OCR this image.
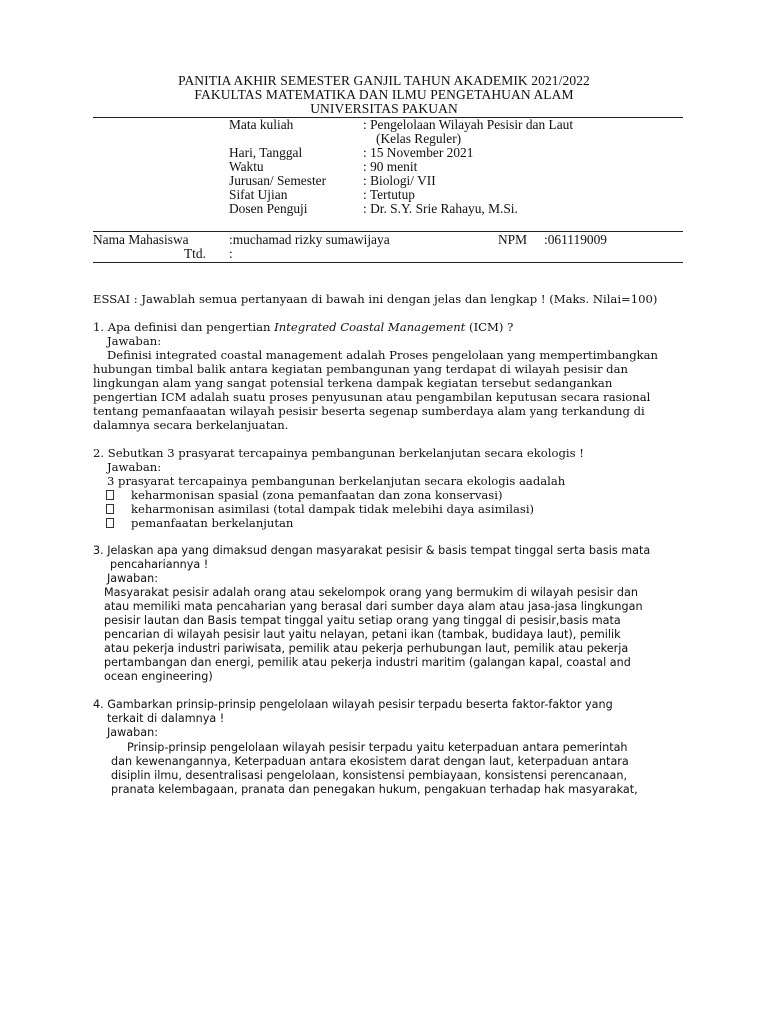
PANITIA AKHIR SEMESTER GANJIL TAHUN AKADEMIK 2021/2022
FAKULTAS MATEMATIKA DAN ILMU PENGETAHUAN ALAM
UNIVERSITAS PAKUAN
Mata kuliah	: Pengelolaan Wilayah Pesisir dan Laut
(Kelas Reguler)
Hari, Tanggal	: 15 November 2021
Waktu	: 90 menit
Jurusan/ Semester	: Biologi/ VII
Sifat Ujian	: Tertutup
Dosen Penguji	: Dr. S.Y. Srie Rahayu, M.Si.
Nama Mahasiswa	:muchamad rizky sumawijaya	NPM :061119009
Ttd. :
ESSAI : Jawablah semua pertanyaan di bawah ini dengan jelas dan lengkap ! (Maks. Nilai=100)
1. Apa definisi dan pengertian Integrated Coastal Management (ICM) ?
Jawaban:
Definisi integrated coastal management adalah Proses pengelolaan yang mempertimbangkan
hubungan timbal balik antara kegiatan pembangunan yang terdapat di wilayah pesisir dan
lingkungan alam yang sangat potensial terkena dampak kegiatan tersebut sedangankan
pengertian ICM adalah suatu proses penyusunan atau pengambilan keputusan secara rasional
tentang pemanfaaatan wilayah pesisir beserta segenap sumberdaya alam yang terkandung di
dalamnya secara berkelanjuatan.
2. Sebutkan 3 prasyarat tercapainya pembangunan berkelanjutan secara ekologis !
Jawaban:
3 prasyarat tercapainya pembangunan berkelanjutan secara ekologis aadalah
keharmonisan spasial (zona pemanfaatan dan zona konservasi)
keharmonisan asimilasi (total dampak tidak melebihi daya asimilasi)
pemanfaatan berkelanjutan
3. Jelaskan apa yang dimaksud dengan masyarakat pesisir & basis tempat tinggal serta basis mata
pencahariannya !
Jawaban:
Masyarakat pesisir adalah orang atau sekelompok orang yang bermukim di wilayah pesisir dan
atau memiliki mata pencaharian yang berasal dari sumber daya alam atau jasa-jasa lingkungan
pesisir lautan dan Basis tempat tinggal yaitu setiap orang yang tinggal di pesisir,basis mata
pencarian di wilayah pesisir laut yaitu nelayan, petani ikan (tambak, budidaya laut), pemilik
atau pekerja industri pariwisata, pemilik atau pekerja perhubungan laut, pemilik atau pekerja
pertambangan dan energi, pemilik atau pekerja industri maritim (galangan kapal, coastal and
ocean engineering)
4. Gambarkan prinsip-prinsip pengelolaan wilayah pesisir terpadu beserta faktor-faktor yang
terkait di dalamnya !
Jawaban:
Prinsip-prinsip pengelolaan wilayah pesisir terpadu yaitu keterpaduan antara pemerintah
dan kewenangannya, Keterpaduan antara ekosistem darat dengan laut, keterpaduan antara
disiplin ilmu, desentralisasi pengelolaan, konsistensi pembiayaan, konsistensi perencanaan,
pranata kelembagaan, pranata dan penegakan hukum, pengakuan terhadap hak masyarakat,
